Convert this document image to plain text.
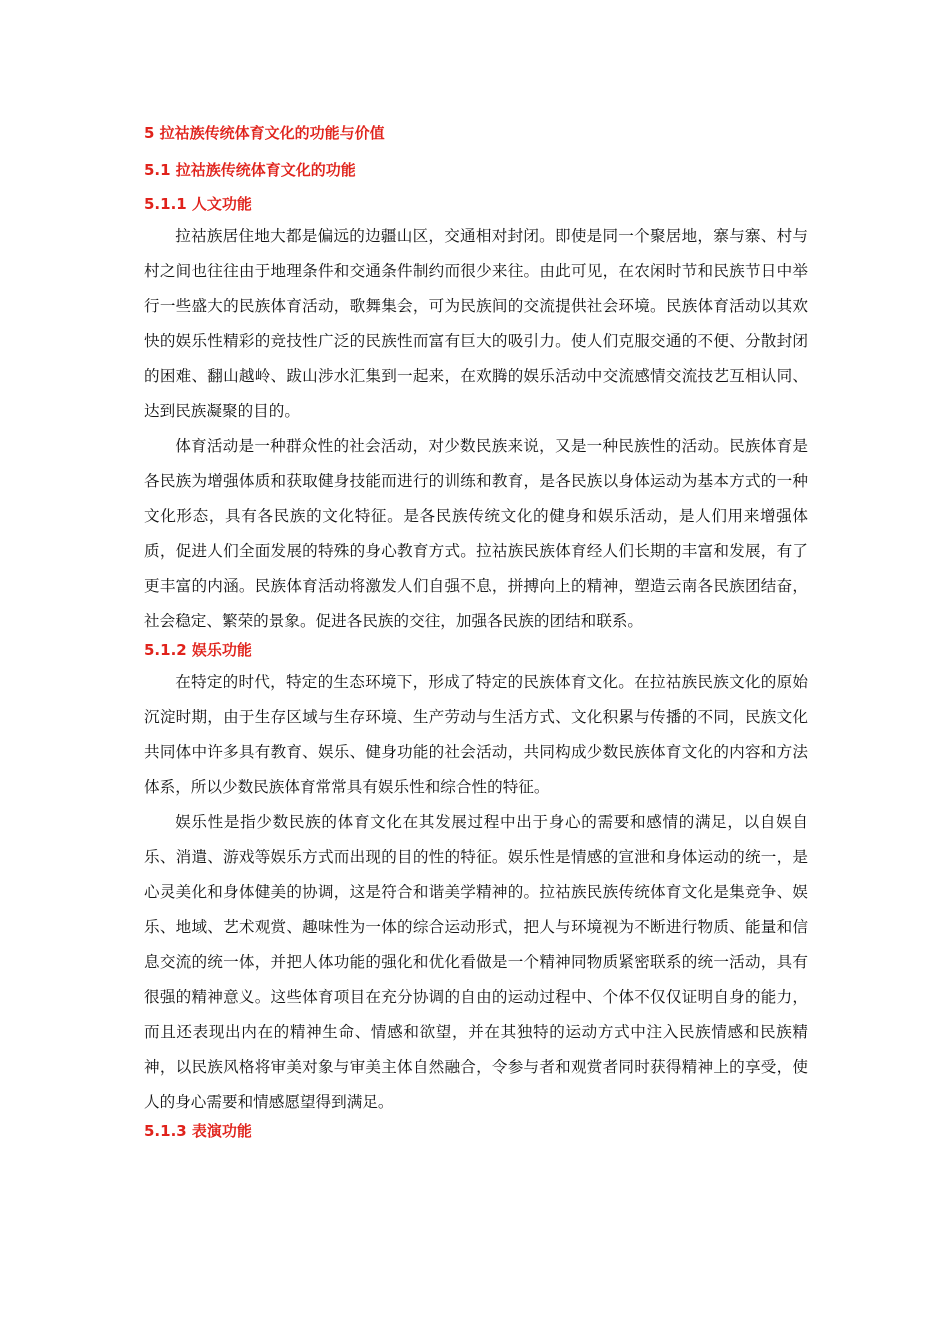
5 拉祜族传统体育文化的功能与价值
5.1 拉祜族传统体育文化的功能
5.1.1 人文功能

拉祜族居住地大都是偏远的边疆山区，交通相对封闭。即使是同一个聚居地，寨与寨、村与村之间也往往由于地理条件和交通条件制约而很少来往。由此可见，在农闲时节和民族节日中举行一些盛大的民族体育活动，歌舞集会，可为民族间的交流提供社会环境。民族体育活动以其欢快的娱乐性精彩的竞技性广泛的民族性而富有巨大的吸引力。使人们克服交通的不便、分散封闭的困难、翻山越岭、跋山涉水汇集到一起来，在欢腾的娱乐活动中交流感情交流技艺互相认同、达到民族凝聚的目的。

体育活动是一种群众性的社会活动，对少数民族来说，又是一种民族性的活动。民族体育是各民族为增强体质和获取健身技能而进行的训练和教育，是各民族以身体运动为基本方式的一种文化形态，具有各民族的文化特征。是各民族传统文化的健身和娱乐活动，是人们用来增强体质，促进人们全面发展的特殊的身心教育方式。拉祜族民族体育经人们长期的丰富和发展，有了更丰富的内涵。民族体育活动将激发人们自强不息，拼搏向上的精神，塑造云南各民族团结奋，社会稳定、繁荣的景象。促进各民族的交往，加强各民族的团结和联系。

5.1.2 娱乐功能

在特定的时代，特定的生态环境下，形成了特定的民族体育文化。在拉祜族民族文化的原始沉淀时期，由于生存区域与生存环境、生产劳动与生活方式、文化积累与传播的不同，民族文化共同体中许多具有教育、娱乐、健身功能的社会活动，共同构成少数民族体育文化的内容和方法体系，所以少数民族体育常常具有娱乐性和综合性的特征。

娱乐性是指少数民族的体育文化在其发展过程中出于身心的需要和感情的满足，以自娱自乐、消遣、游戏等娱乐方式而出现的目的性的特征。娱乐性是情感的宣泄和身体运动的统一，是心灵美化和身体健美的协调，这是符合和谐美学精神的。拉祜族民族传统体育文化是集竞争、娱乐、地域、艺术观赏、趣味性为一体的综合运动形式，把人与环境视为不断进行物质、能量和信息交流的统一体，并把人体功能的强化和优化看做是一个精神同物质紧密联系的统一活动，具有很强的精神意义。这些体育项目在充分协调的自由的运动过程中、个体不仅仅证明自身的能力，而且还表现出内在的精神生命、情感和欲望，并在其独特的运动方式中注入民族情感和民族精神，以民族风格将审美对象与审美主体自然融合，令参与者和观赏者同时获得精神上的享受，使人的身心需要和情感愿望得到满足。

5.1.3 表演功能
